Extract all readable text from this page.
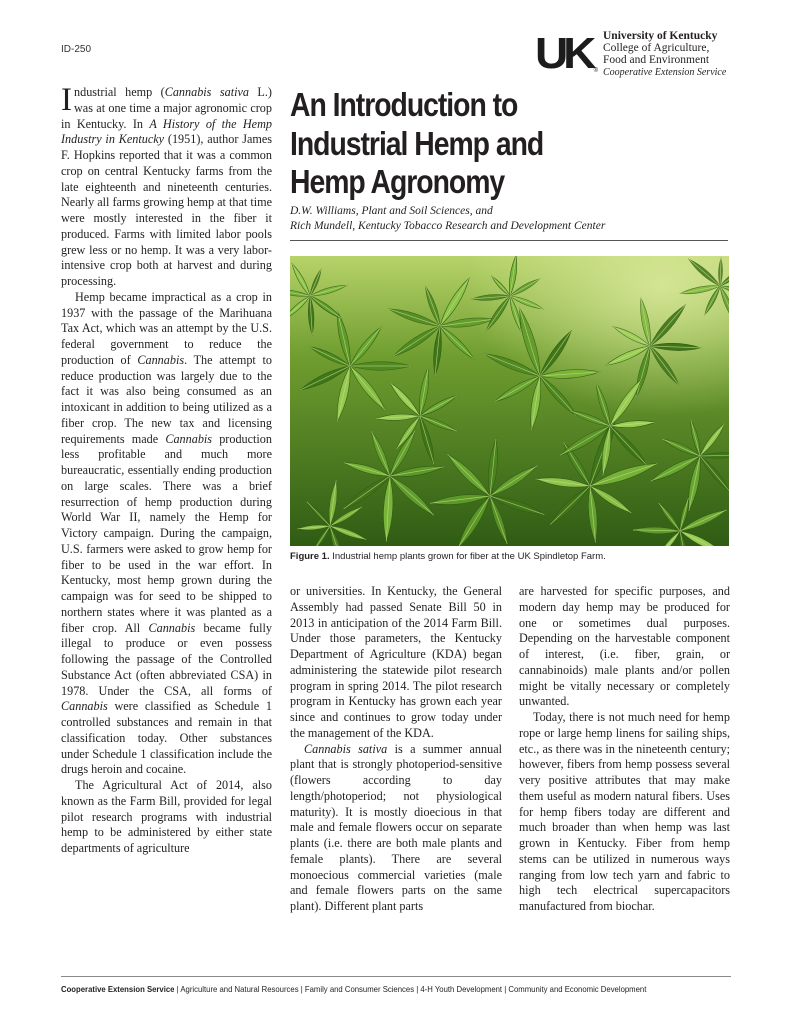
ID-250	UK ®
University of Kentucky
College of Agriculture,
Food and Environment
Cooperative Extension Service
An Introduction to
Industrial Hemp and
Hemp Agronomy
D.W. Williams, Plant and Soil Sciences, and
Rich Mundell, Kentucky Tobacco Research and Development Center
Figure 1. Industrial hemp plants grown for fiber at the UK Spindletop Farm.

Industrial hemp (Cannabis sativa L.) was at one time a major agronomic crop in Kentucky. In A History of the Hemp Industry in Kentucky (1951), author James F. Hopkins reported that it was a common crop on central Kentucky farms from the late eighteenth and nineteenth centuries. Nearly all farms growing hemp at that time were mostly interested in the fiber it produced. Farms with limited labor pools grew less or no hemp. It was a very labor-intensive crop both at harvest and during processing.

Hemp became impractical as a crop in 1937 with the passage of the Marihuana Tax Act, which was an attempt by the U.S. federal government to reduce the production of Cannabis. The attempt to reduce production was largely due to the fact it was also being consumed as an intoxicant in addition to being utilized as a fiber crop. The new tax and licensing requirements made Cannabis production less profitable and much more bureaucratic, essentially ending production on large scales. There was a brief resurrection of hemp production during World War II, namely the Hemp for Victory campaign. During the campaign, U.S. farmers were asked to grow hemp for fiber to be used in the war effort. In Kentucky, most hemp grown during the campaign was for seed to be shipped to northern states where it was planted as a fiber crop. All Cannabis became fully illegal to produce or even possess following the passage of the Controlled Substance Act (often abbreviated CSA) in 1978. Under the CSA, all forms of Cannabis were classified as Schedule 1 controlled substances and remain in that classification today. Other substances under Schedule 1 classification include the drugs heroin and cocaine.

The Agricultural Act of 2014, also known as the Farm Bill, provided for legal pilot research programs with industrial hemp to be administered by either state departments of agriculture

or universities. In Kentucky, the General Assembly had passed Senate Bill 50 in 2013 in anticipation of the 2014 Farm Bill. Under those parameters, the Kentucky Department of Agriculture (KDA) began administering the statewide pilot research program in spring 2014. The pilot research program in Kentucky has grown each year since and continues to grow today under the management of the KDA.

Cannabis sativa is a summer annual plant that is strongly photoperiod-sensitive (flowers according to day length/photoperiod; not physiological maturity). It is mostly dioecious in that male and female flowers occur on separate plants (i.e. there are both male plants and female plants). There are several monoecious commercial varieties (male and female flowers parts on the same plant). Different plant parts

are harvested for specific purposes, and modern day hemp may be produced for one or sometimes dual purposes. Depending on the harvestable component of interest, (i.e. fiber, grain, or cannabinoids) male plants and/or pollen might be vitally necessary or completely unwanted.

Today, there is not much need for hemp rope or large hemp linens for sailing ships, etc., as there was in the nineteenth century; however, fibers from hemp possess several very positive attributes that may make them useful as modern natural fibers. Uses for hemp fibers today are different and much broader than when hemp was last grown in Kentucky. Fiber from hemp stems can be utilized in numerous ways ranging from low tech yarn and fabric to high tech electrical supercapacitors manufactured from biochar.

Cooperative Extension Service | Agriculture and Natural Resources | Family and Consumer Sciences | 4-H Youth Development | Community and Economic Development
